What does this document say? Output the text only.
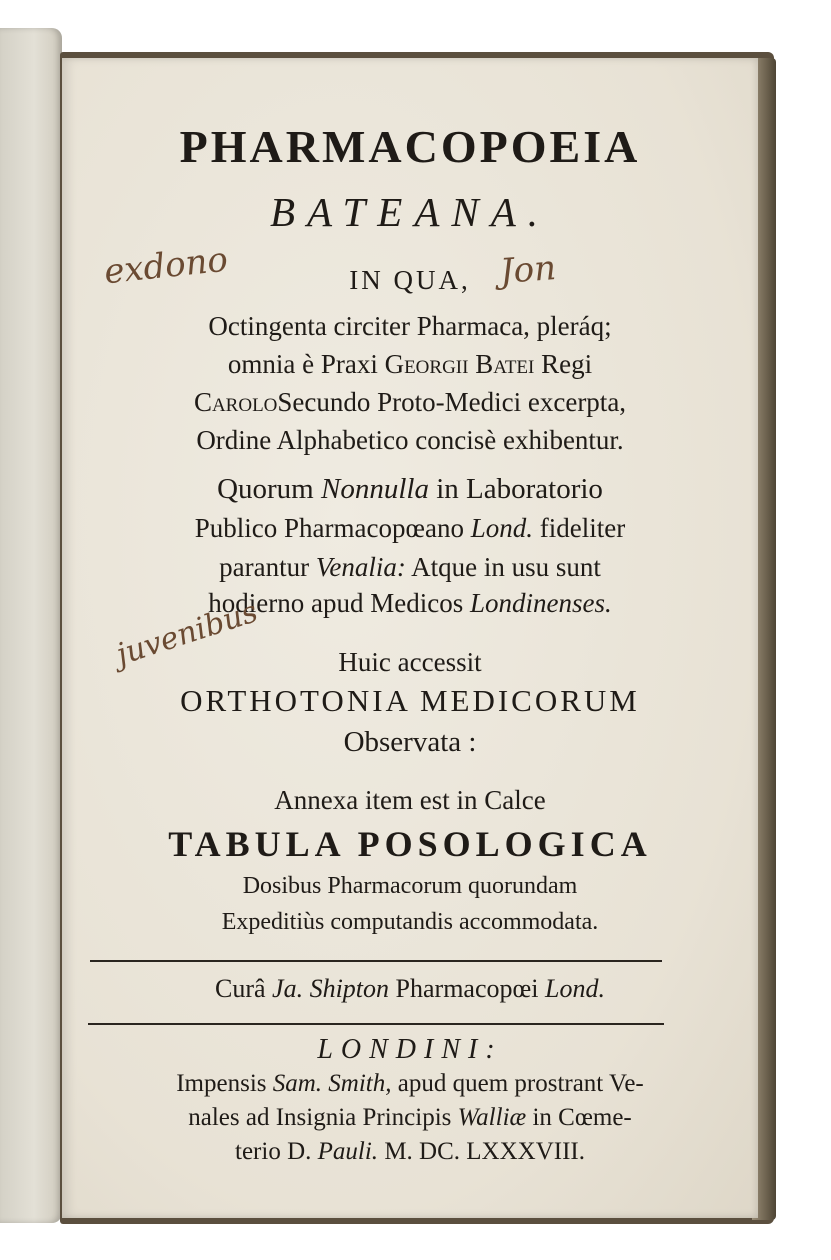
PHARMACOPOEIA
BATEANA.
exdono	IN QUA, Jon
Octingenta circiter Pharmaca, pleráq;
omnia è Praxi Georgii Batei Regi
CaroloSecundo Proto-Medici excerpta,
Ordine Alphabetico concisè exhibentur.
Quorum Nonnulla in Laboratorio
Publico Pharmacopœano Lond. fideliter
parantur Venalia: Atque in usu sunt
hodierno apud Medicos Londinenses.
juvenibus	Huic accessit
ORTHOTONIA MEDICORUM
Observata :
Annexa item est in Calce
TABULA POSOLOGICA
Dosibus Pharmacorum quorundam
Expeditiùs computandis accommodata.
Curâ Ja. Shipton Pharmacopœi Lond.
LONDINI:
Impensis Sam. Smith, apud quem prostrant Ve-
nales ad Insignia Principis Walliæ in Cœme-
terio D. Pauli. M. DC. LXXXVIII.
